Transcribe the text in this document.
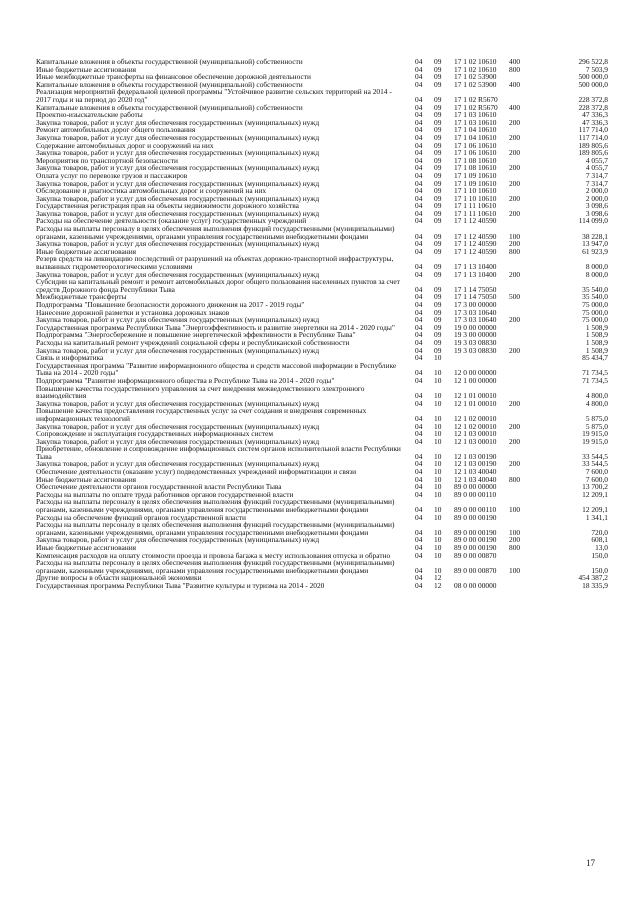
Капитальные вложения в объекты государственной (муниципальной) собственности	04 09 17 1 02 10610 400	296 522,8
Иные бюджетные ассигнования	04 09 17 1 02 10610 800	7 503,9
Иные межбюджетные трансферты на финансовое обеспечение дорожной деятельности	04 09 17 1 02 53900	500 000,0
Капитальные вложения в объекты государственной (муниципальной) собственности	04 09 17 1 02 53900 400	500 000,0
Реализация мероприятий федеральной целевой программы "Устойчивое развитие сельских территорий на 2014 - 2017 годы и на период до 2020 год"	04 09 17 1 02 R5670	228 372,8
Капитальные вложения в объекты государственной (муниципальной) собственности	04 09 17 1 02 R5670 400	228 372,8
Проектно-изыскательские работы	04 09 17 1 03 10610	47 336,3
Закупка товаров, работ и услуг для обеспечения государственных (муниципальных) нужд	04 09 17 1 03 10610 200	47 336,3
Ремонт автомобильных дорог общего пользования	04 09 17 1 04 10610	117 714,0
Закупка товаров, работ и услуг для обеспечения государственных (муниципальных) нужд	04 09 17 1 04 10610 200	117 714,0
Содержание автомобильных дорог и сооружений на них	04 09 17 1 06 10610	189 805,6
Закупка товаров, работ и услуг для обеспечения государственных (муниципальных) нужд	04 09 17 1 06 10610 200	189 805,6
Мероприятия по транспортной безопасности	04 09 17 1 08 10610	4 055,7
Закупка товаров, работ и услуг для обеспечения государственных (муниципальных) нужд	04 09 17 1 08 10610 200	4 055,7
Оплата услуг по перевозке грузов и пассажиров	04 09 17 1 09 10610	7 314,7
Закупка товаров, работ и услуг для обеспечения государственных (муниципальных) нужд	04 09 17 1 09 10610 200	7 314,7
Обследование и диагностика автомобильных дорог и сооружений на них	04 09 17 1 10 10610	2 000,0
Закупка товаров, работ и услуг для обеспечения государственных (муниципальных) нужд	04 09 17 1 10 10610 200	2 000,0
Государственная регистрация прав на объекты недвижимости дорожного хозяйства	04 09 17 1 11 10610	3 098,6
Закупка товаров, работ и услуг для обеспечения государственных (муниципальных) нужд	04 09 17 1 11 10610 200	3 098,6
Расходы на обеспечение деятельности (оказание услуг) государственных учреждений	04 09 17 1 12 40590	114 099,0
Расходы на выплаты персоналу в целях обеспечения выполнения функций государственными (муниципальными) органами, казенными учреждениями, органами управления государственными внебюджетными фондами	04 09 17 1 12 40590 100	38 228,1
Закупка товаров, работ и услуг для обеспечения государственных (муниципальных) нужд	04 09 17 1 12 40590 200	13 947,0
Иные бюджетные ассигнования	04 09 17 1 12 40590 800	61 923,9
Резерв средств на ликвидацию последствий от разрушений на объектах дорожно-транспортной инфраструктуры, вызванных гидрометеорологическими условиями	04 09 17 1 13 10400	8 000,0
Закупка товаров, работ и услуг для обеспечения государственных (муниципальных) нужд	04 09 17 1 13 10400 200	8 000,0
Субсидии на капитальный ремонт и ремонт автомобильных дорог общего пользования населенных пунктов за счет средств Дорожного фонда Республики Тыва	04 09 17 1 14 75050	35 540,0
Межбюджетные трансферты	04 09 17 1 14 75050 500	35 540,0
Подпрограмма "Повышение безопасности дорожного движения на 2017 - 2019 годы"	04 09 17 3 00 00000	75 000,0
Нанесение дорожной разметки и установка дорожных знаков	04 09 17 3 03 10640	75 000,0
Закупка товаров, работ и услуг для обеспечения государственных (муниципальных) нужд	04 09 17 3 03 10640 200	75 000,0
Государственная программа Республики Тыва "Энергоэффективность и развитие энергетики на 2014 - 2020 годы"	04 09 19 0 00 00000	1 508,9
Подпрограмма "Энергосбережение и повышение энергетической эффективности в Республике Тыва"	04 09 19 3 00 00000	1 508,9
Расходы на капитальный ремонт учреждений социальной сферы и республиканской собственности	04 09 19 3 03 08830	1 508,9
Закупка товаров, работ и услуг для обеспечения государственных (муниципальных) нужд	04 09 19 3 03 08830 200	1 508,9
Связь и информатика	04 10	85 434,7
Государственная программа "Развитие информационного общества и средств массовой информации в Республике Тыва на 2014 - 2020 годы"	04 10 12 0 00 00000	71 734,5
Подпрограмма "Развитие информационного общества в Республике Тыва на 2014 - 2020 годы"	04 10 12 1 00 00000	71 734,5
Повышение качества государственного управления за счет внедрения межведомственного электронного взаимодействия	04 10 12 1 01 00010	4 800,0
Закупка товаров, работ и услуг для обеспечения государственных (муниципальных) нужд	04 10 12 1 01 00010 200	4 800,0
Повышение качества предоставления государственных услуг за счет создания и внедрения современных информационных технологий	04 10 12 1 02 00010	5 875,0
Закупка товаров, работ и услуг для обеспечения государственных (муниципальных) нужд	04 10 12 1 02 00010 200	5 875,0
Сопровождение и эксплуатация государственных информационных систем	04 10 12 1 03 00010	19 915,0
Закупка товаров, работ и услуг для обеспечения государственных (муниципальных) нужд	04 10 12 1 03 00010 200	19 915,0
Приобретение, обновление и сопровождение информационных систем органов исполнительной власти Республики Тыва	04 10 12 1 03 00190	33 544,5
Закупка товаров, работ и услуг для обеспечения государственных (муниципальных) нужд	04 10 12 1 03 00190 200	33 544,5
Обеспечение деятельности (оказание услуг) подведомственных учреждений информатизации и связи	04 10 12 1 03 40040	7 600,0
Иные бюджетные ассигнования	04 10 12 1 03 40040 800	7 600,0
Обеспечение деятельности органов государственной власти Республики Тыва	04 10 89 0 00 00000	13 700,2
Расходы на выплаты по оплате труда работников органов государственной власти	04 10 89 0 00 00110	12 209,1
Расходы на выплаты персоналу в целях обеспечения выполнения функций государственными (муниципальными) органами, казенными учреждениями, органами управления государственными внебюджетными фондами	04 10 89 0 00 00110 100	12 209,1
Расходы на обеспечение функций органов государственной власти	04 10 89 0 00 00190	1 341,1
Расходы на выплаты персоналу в целях обеспечения выполнения функций государственными (муниципальными) органами, казенными учреждениями, органами управления государственными внебюджетными фондами	04 10 89 0 00 00190 100	720,0
Закупка товаров, работ и услуг для обеспечения государственных (муниципальных) нужд	04 10 89 0 00 00190 200	608,1
Иные бюджетные ассигнования	04 10 89 0 00 00190 800	13,0
Компенсация расходов на оплату стоимости проезда и провоза багажа к месту использования отпуска и обратно	04 10 89 0 00 00870	150,0
Расходы на выплаты персоналу в целях обеспечения выполнения функций государственными (муниципальными) органами, казенными учреждениями, органами управления государственными внебюджетными фондами	04 10 89 0 00 00870 100	150,0
Другие вопросы в области национальной экономики	04 12	454 387,2
Государственная программа Республики Тыва "Развитие культуры и туризма на 2014 - 2020	04 12 08 0 00 00000	18 335,9
17
. . . . . . . . . . . . . . . . . . . . . . . . . . . . .
